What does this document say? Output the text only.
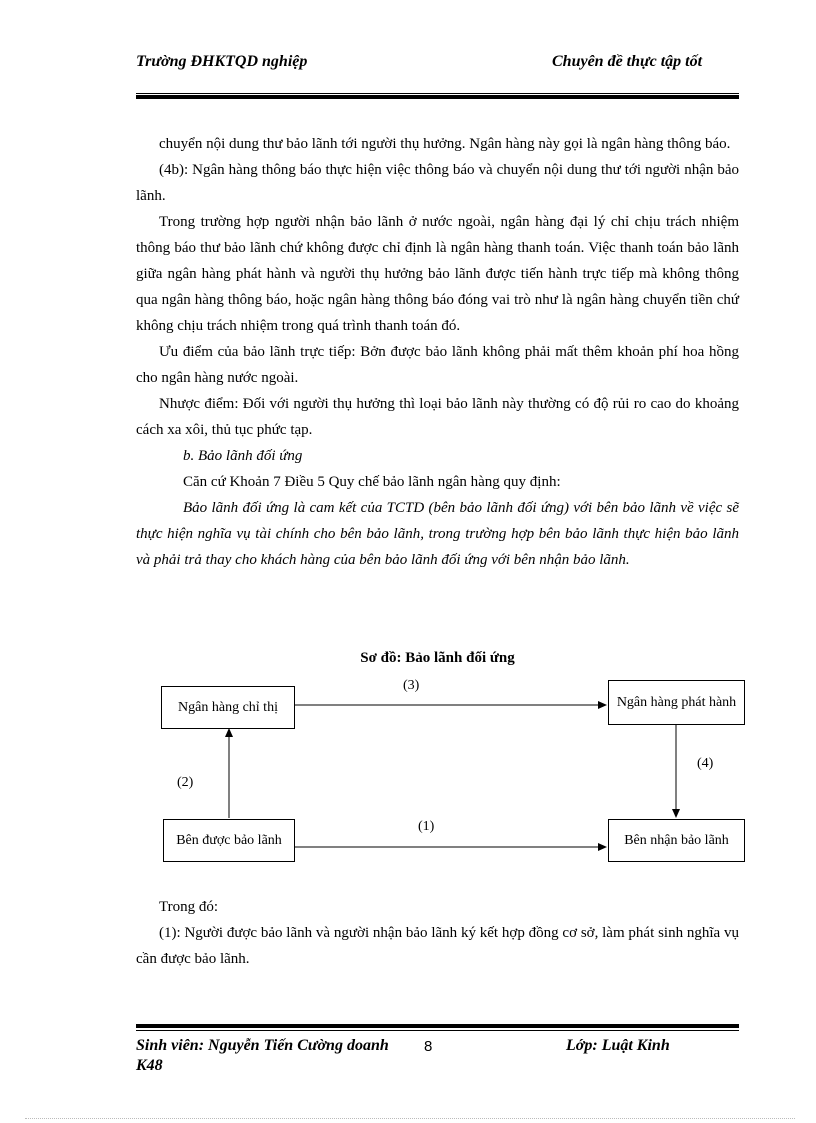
Trường ĐHKTQD nghiệp	Chuyên đề thực tập tốt

chuyển nội dung thư bảo lãnh tới người thụ hưởng. Ngân hàng này gọi là ngân hàng thông báo.

(4b): Ngân hàng thông báo thực hiện việc thông báo và chuyển nội dung thư tới người nhận bảo lãnh.

Trong trường hợp người nhận bảo lãnh ở nước ngoài, ngân hàng đại lý chỉ chịu trách nhiệm thông báo thư bảo lãnh chứ không được chỉ định là ngân hàng thanh toán. Việc thanh toán bảo lãnh giữa ngân hàng phát hành và người thụ hưởng bảo lãnh được tiến hành trực tiếp mà không thông qua ngân hàng thông báo, hoặc ngân hàng thông báo đóng vai trò như là ngân hàng chuyển tiền chứ không chịu trách nhiệm trong quá trình thanh toán đó.

Ưu điểm của bảo lãnh trực tiếp: Bởn được bảo lãnh không phải mất thêm khoản phí hoa hồng cho ngân hàng nước ngoài.

Nhược điểm: Đối với người thụ hưởng thì loại bảo lãnh này thường có độ rủi ro cao do khoảng cách xa xôi, thủ tục phức tạp.

b. Bảo lãnh đối ứng

Căn cứ Khoản 7 Điều 5 Quy chế bảo lãnh ngân hàng quy định:

Bảo lãnh đối ứng là cam kết của TCTD (bên bảo lãnh đối ứng) với bên bảo lãnh về việc sẽ thực hiện nghĩa vụ tài chính cho bên bảo lãnh, trong trường hợp bên bảo lãnh thực hiện bảo lãnh và phải trả thay cho khách hàng của bên bảo lãnh đối ứng với bên nhận bảo lãnh.

Sơ đồ: Bảo lãnh đối ứng
Ngân hàng chỉ thị	Ngân hàng phát hành
Bên được bảo lãnh	Bên nhận bảo lãnh
(3)
(4)
(2)
(1)

Trong đó:

(1): Người được bảo lãnh và người nhận bảo lãnh ký kết hợp đồng cơ sở, làm phát sinh nghĩa vụ cần được bảo lãnh.

Sinh viên: Nguyễn Tiến Cường doanh K48
8	Lớp: Luật Kinh
